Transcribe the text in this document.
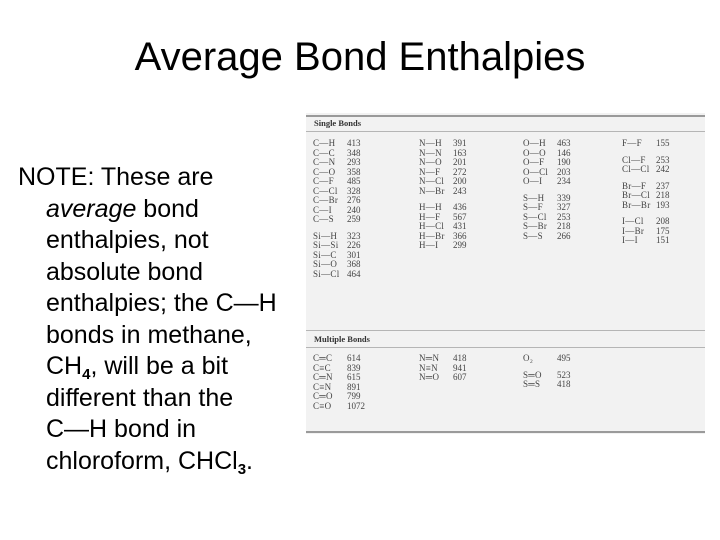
Average Bond Enthalpies
NOTE: These are
average bond
enthalpies, not
absolute bond
enthalpies; the C—H
bonds in methane,
$CH_4$, will be a bit
different than the
C—H bond in
chloroform, CHCl$_3$.
Single Bonds
C—H	413
C—C	348
C—N	293
C—O	358
C—F	485
C—Cl	328
C—Br 276
C—I	240
C—S	259
Si—H	323
Si—Si 226
Si—C	301
Si—O	368
Si—Cl 464
N—H	391
N—N	163
N—O	201
N—F	272
N—Cl 200
N—Br 243
H—H	436
H—F	567
H—Cl 431
H—Br 366
H—I	299
O—H	463
O—O	146
O—F	190
O—Cl 203
O—I	234
S—H	339
S—F	327
S—Cl	253
S—Br	218
S—S	266
F—F	155
Cl—F	253
Cl—Cl 242
Br—F	237
Br—Cl 218
Br—Br 193
I—Cl	208
I—Br	175
I—I	151
Multiple Bonds
C═C	614
C≡C	839
C═N	615
C≡N	891
C═O	799
C≡O	1072
N═N	418
N≡N	941
N═O	607
O₂	495
S═O	523
S═S	418
